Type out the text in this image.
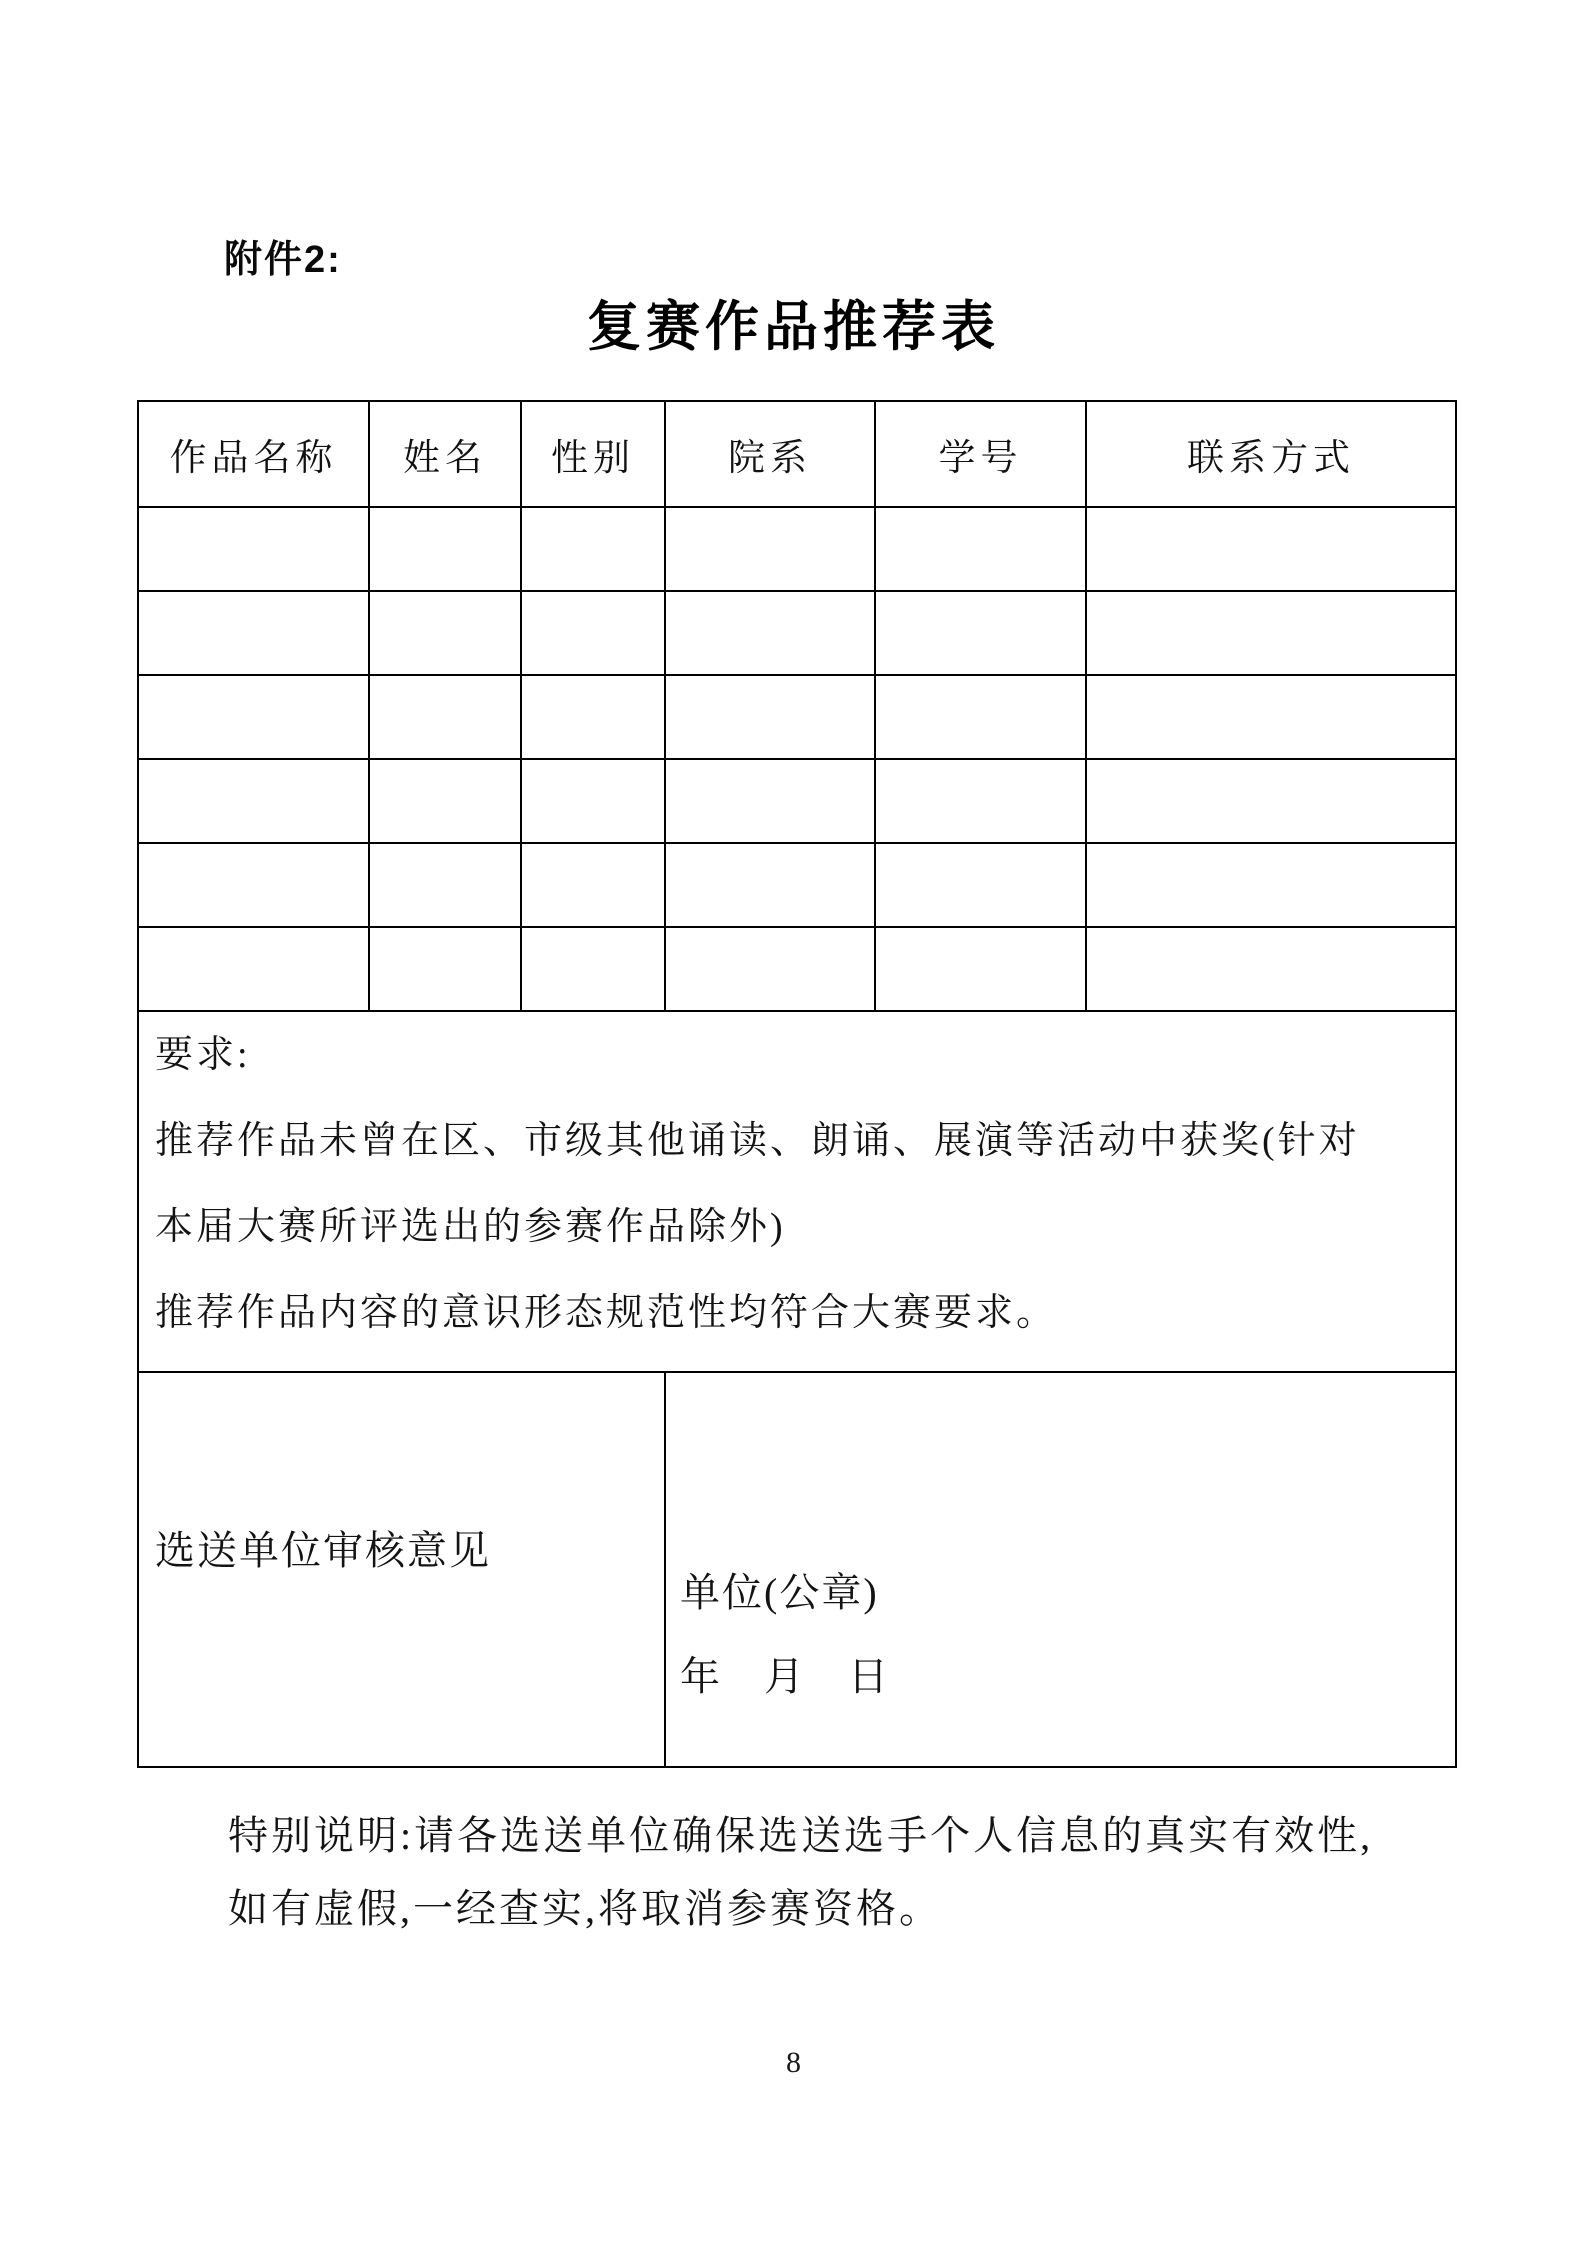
附件2:
复赛作品推荐表
作品名称	姓名	性别	院系	学号	联系方式

要求:
推荐作品未曾在区、市级其他诵读、朗诵、展演等活动中获奖(针对
本届大赛所评选出的参赛作品除外)
推荐作品内容的意识形态规范性均符合大赛要求。					

选送单位审核意见			单位(公章)
年　月　日		
特别说明:请各选送单位确保选送选手个人信息的真实有效性,
如有虚假,一经查实,将取消参赛资格。
8
